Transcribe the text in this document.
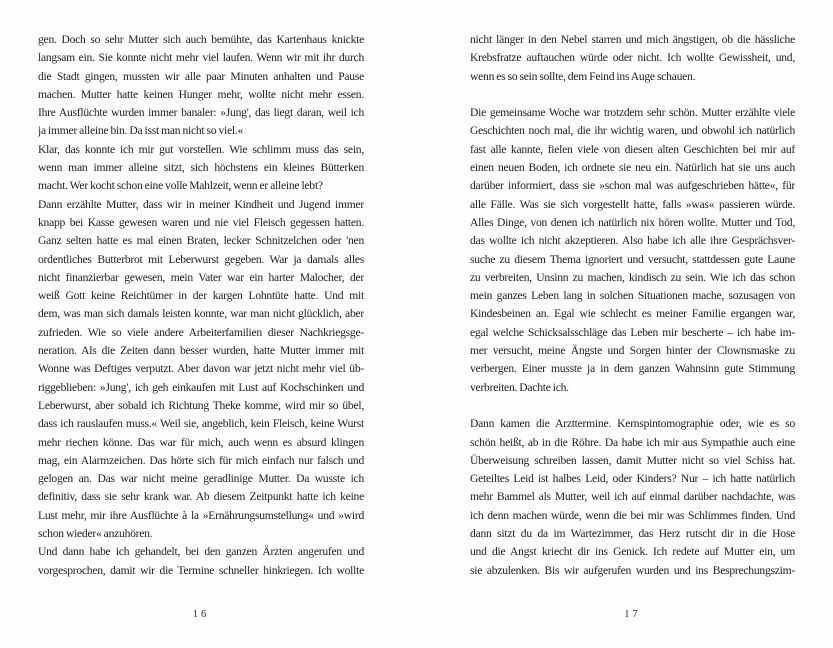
gen. Doch so sehr Mutter sich auch bemühte, das Kartenhaus knickte
langsam ein. Sie konnte nicht mehr viel laufen. Wenn wir mit ihr durch
die Stadt gingen, mussten wir alle paar Minuten anhalten und Pause
machen. Mutter hatte keinen Hunger mehr, wollte nicht mehr essen.
Ihre Ausflüchte wurden immer banaler: »Jung', das liegt daran, weil ich
ja immer alleine bin. Da isst man nicht so viel.«
Klar, das konnte ich mir gut vorstellen. Wie schlimm muss das sein,
wenn man immer alleine sitzt, sich höchstens ein kleines Bütterken
macht. Wer kocht schon eine volle Mahlzeit, wenn er alleine lebt?
Dann erzählte Mutter, dass wir in meiner Kindheit und Jugend immer
knapp bei Kasse gewesen waren und nie viel Fleisch gegessen hatten.
Ganz selten hatte es mal einen Braten, lecker Schnitzelchen oder 'nen
ordentliches Butterbrot mit Leberwurst gegeben. War ja damals alles
nicht finanzierbar gewesen, mein Vater war ein harter Malocher, der
weiß Gott keine Reichtümer in der kargen Lohntüte hatte. Und mit
dem, was man sich damals leisten konnte, war man nicht glücklich, aber
zufrieden. Wie so viele andere Arbeiterfamilien dieser Nachkriegsge-
neration. Als die Zeiten dann besser wurden, hatte Mutter immer mit
Wonne was Deftiges verputzt. Aber davon war jetzt nicht mehr viel üb-
riggeblieben: »Jung', ich geh einkaufen mit Lust auf Kochschinken und
Leberwurst, aber sobald ich Richtung Theke komme, wird mir so übel,
dass ich rauslaufen muss.« Weil sie, angeblich, kein Fleisch, keine Wurst
mehr riechen könne. Das war für mich, auch wenn es absurd klingen
mag, ein Alarmzeichen. Das hörte sich für mich einfach nur falsch und
gelogen an. Das war nicht meine geradlinige Mutter. Da wusste ich
definitiv, dass sie sehr krank war. Ab diesem Zeitpunkt hatte ich keine
Lust mehr, mir ihre Ausflüchte à la »Ernährungsumstellung« und »wird
schon wieder« anzuhören.
Und dann habe ich gehandelt, bei den ganzen Ärzten angerufen und
vorgesprochen, damit wir die Termine schneller hinkriegen. Ich wollte
nicht länger in den Nebel starren und mich ängstigen, ob die hässliche
Krebsfratze auftauchen würde oder nicht. Ich wollte Gewissheit, und,
wenn es so sein sollte, dem Feind ins Auge schauen.
Die gemeinsame Woche war trotzdem sehr schön. Mutter erzählte viele
Geschichten noch mal, die ihr wichtig waren, und obwohl ich natürlich
fast alle kannte, fielen viele von diesen alten Geschichten bei mir auf
einen neuen Boden, ich ordnete sie neu ein. Natürlich hat sie uns auch
darüber informiert, dass sie »schon mal was aufgeschrieben hätte«, für
alle Fälle. Was sie sich vorgestellt hatte, falls »was« passieren würde.
Alles Dinge, von denen ich natürlich nix hören wollte. Mutter und Tod,
das wollte ich nicht akzeptieren. Also habe ich alle ihre Gesprächsver-
suche zu diesem Thema ignoriert und versucht, stattdessen gute Laune
zu verbreiten, Unsinn zu machen, kindisch zu sein. Wie ich das schon
mein ganzes Leben lang in solchen Situationen mache, sozusagen von
Kindesbeinen an. Egal wie schlecht es meiner Familie ergangen war,
egal welche Schicksalsschläge das Leben mir bescherte – ich habe im-
mer versucht, meine Ängste und Sorgen hinter der Clownsmaske zu
verbergen. Einer musste ja in dem ganzen Wahnsinn gute Stimmung
verbreiten. Dachte ich.
Dann kamen die Arzttermine. Kernspintomographie oder, wie es so
schön heißt, ab in die Röhre. Da habe ich mir aus Sympathie auch eine
Überweisung schreiben lassen, damit Mutter nicht so viel Schiss hat.
Geteiltes Leid ist halbes Leid, oder Kinders? Nur – ich hatte natürlich
mehr Bammel als Mutter, weil ich auf einmal darüber nachdachte, was
ich denn machen würde, wenn die bei mir was Schlimmes finden. Und
dann sitzt du da im Wartezimmer, das Herz rutscht dir in die Hose
und die Angst kriecht dir ins Genick. Ich redete auf Mutter ein, um
sie abzulenken. Bis wir aufgerufen wurden und ins Besprechungszim-
16	17
